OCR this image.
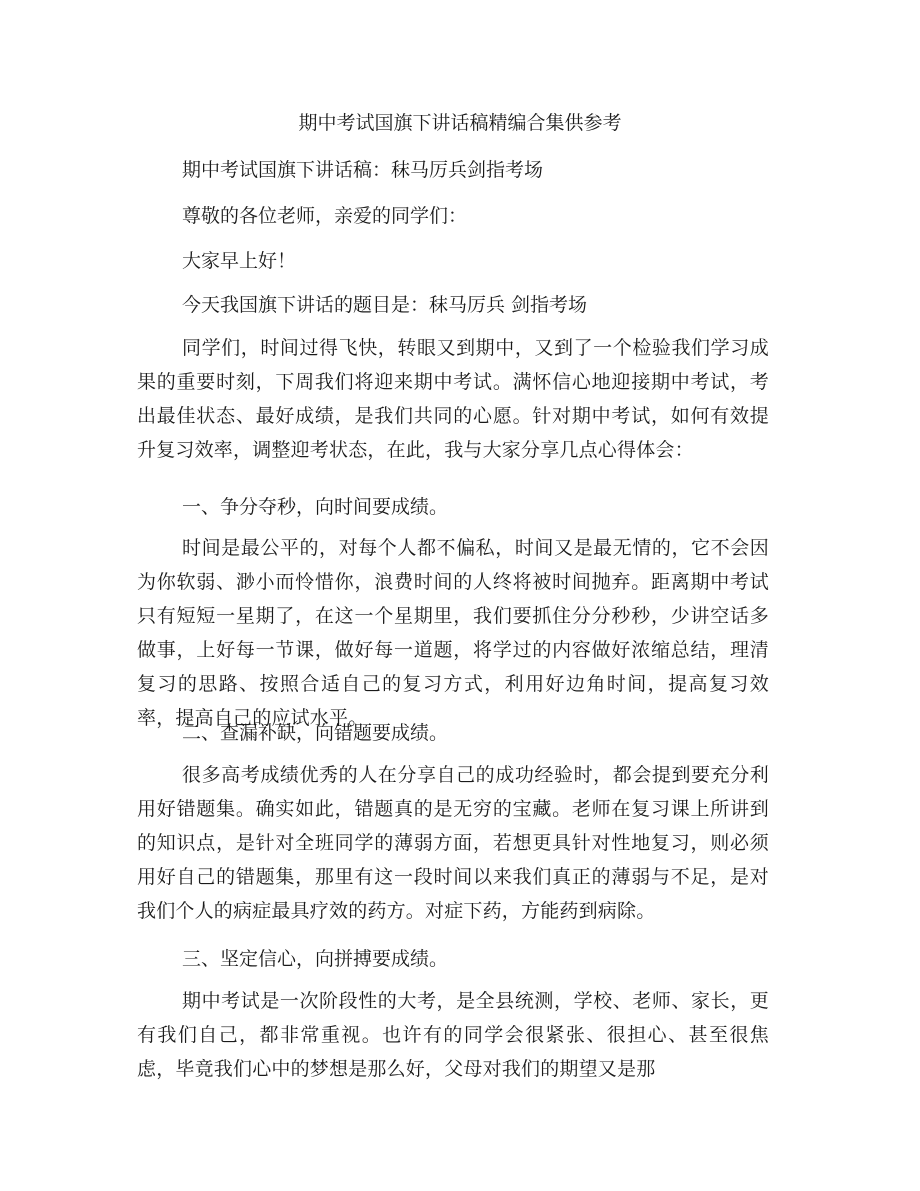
期中考试国旗下讲话稿精编合集供参考

期中考试国旗下讲话稿：秣马厉兵剑指考场

尊敬的各位老师，亲爱的同学们：

大家早上好！

今天我国旗下讲话的题目是：秣马厉兵 剑指考场

同学们，时间过得飞快，转眼又到期中，又到了一个检验我们学习成果的重要时刻，下周我们将迎来期中考试。满怀信心地迎接期中考试，考出最佳状态、最好成绩，是我们共同的心愿。针对期中考试，如何有效提升复习效率，调整迎考状态，在此，我与大家分享几点心得体会：

一、争分夺秒，向时间要成绩。

时间是最公平的，对每个人都不偏私，时间又是最无情的，它不会因为你软弱、渺小而怜惜你，浪费时间的人终将被时间抛弃。距离期中考试只有短短一星期了，在这一个星期里，我们要抓住分分秒秒，少讲空话多做事，上好每一节课，做好每一道题，将学过的内容做好浓缩总结，理清复习的思路、按照合适自己的复习方式，利用好边角时间，提高复习效率，提高自己的应试水平。

二、查漏补缺，向错题要成绩。

很多高考成绩优秀的人在分享自己的成功经验时，都会提到要充分利用好错题集。确实如此，错题真的是无穷的宝藏。老师在复习课上所讲到的知识点，是针对全班同学的薄弱方面，若想更具针对性地复习，则必须用好自己的错题集，那里有这一段时间以来我们真正的薄弱与不足，是对我们个人的病症最具疗效的药方。对症下药，方能药到病除。

三、坚定信心，向拼搏要成绩。

期中考试是一次阶段性的大考，是全县统测，学校、老师、家长，更有我们自己，都非常重视。也许有的同学会很紧张、很担心、甚至很焦虑，毕竟我们心中的梦想是那么好，父母对我们的期望又是那
